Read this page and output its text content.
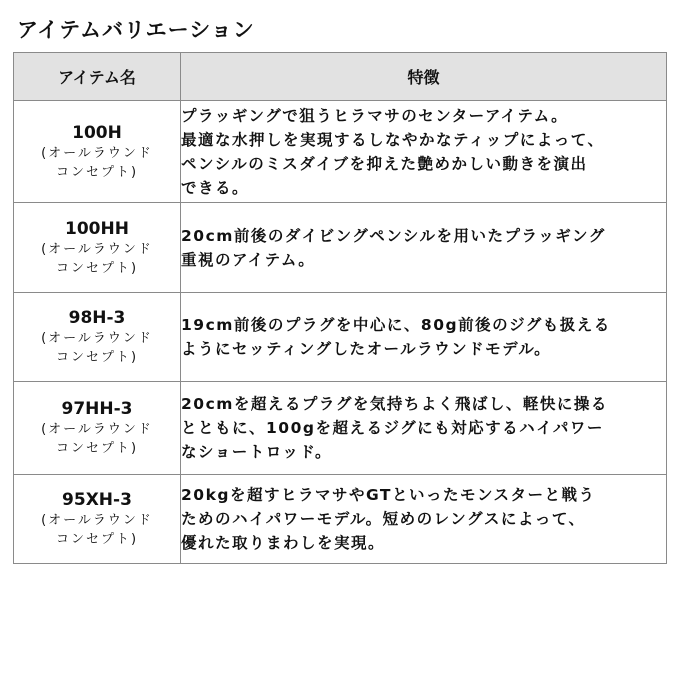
アイテムバリエーション
アイテム名	特徴

100H
(オールラウンド
コンセプト)	プラッギングで狙うヒラマサのセンターアイテム。
最適な水押しを実現するしなやかなティップによって、
ペンシルのミスダイブを抑えた艶めかしい動きを演出
できる。

100HH
(オールラウンド
コンセプト)	20cm前後のダイビングペンシルを用いたプラッギング
重視のアイテム。

98H-3
(オールラウンド
コンセプト)	19cm前後のプラグを中心に、80g前後のジグも扱える
ようにセッティングしたオールラウンドモデル。

97HH-3
(オールラウンド
コンセプト)	20cmを超えるプラグを気持ちよく飛ばし、軽快に操る
とともに、100gを超えるジグにも対応するハイパワー
なショートロッド。

95XH-3
(オールラウンド
コンセプト)	20kgを超すヒラマサやGTといったモンスターと戦う
ためのハイパワーモデル。短めのレングスによって、
優れた取りまわしを実現。
